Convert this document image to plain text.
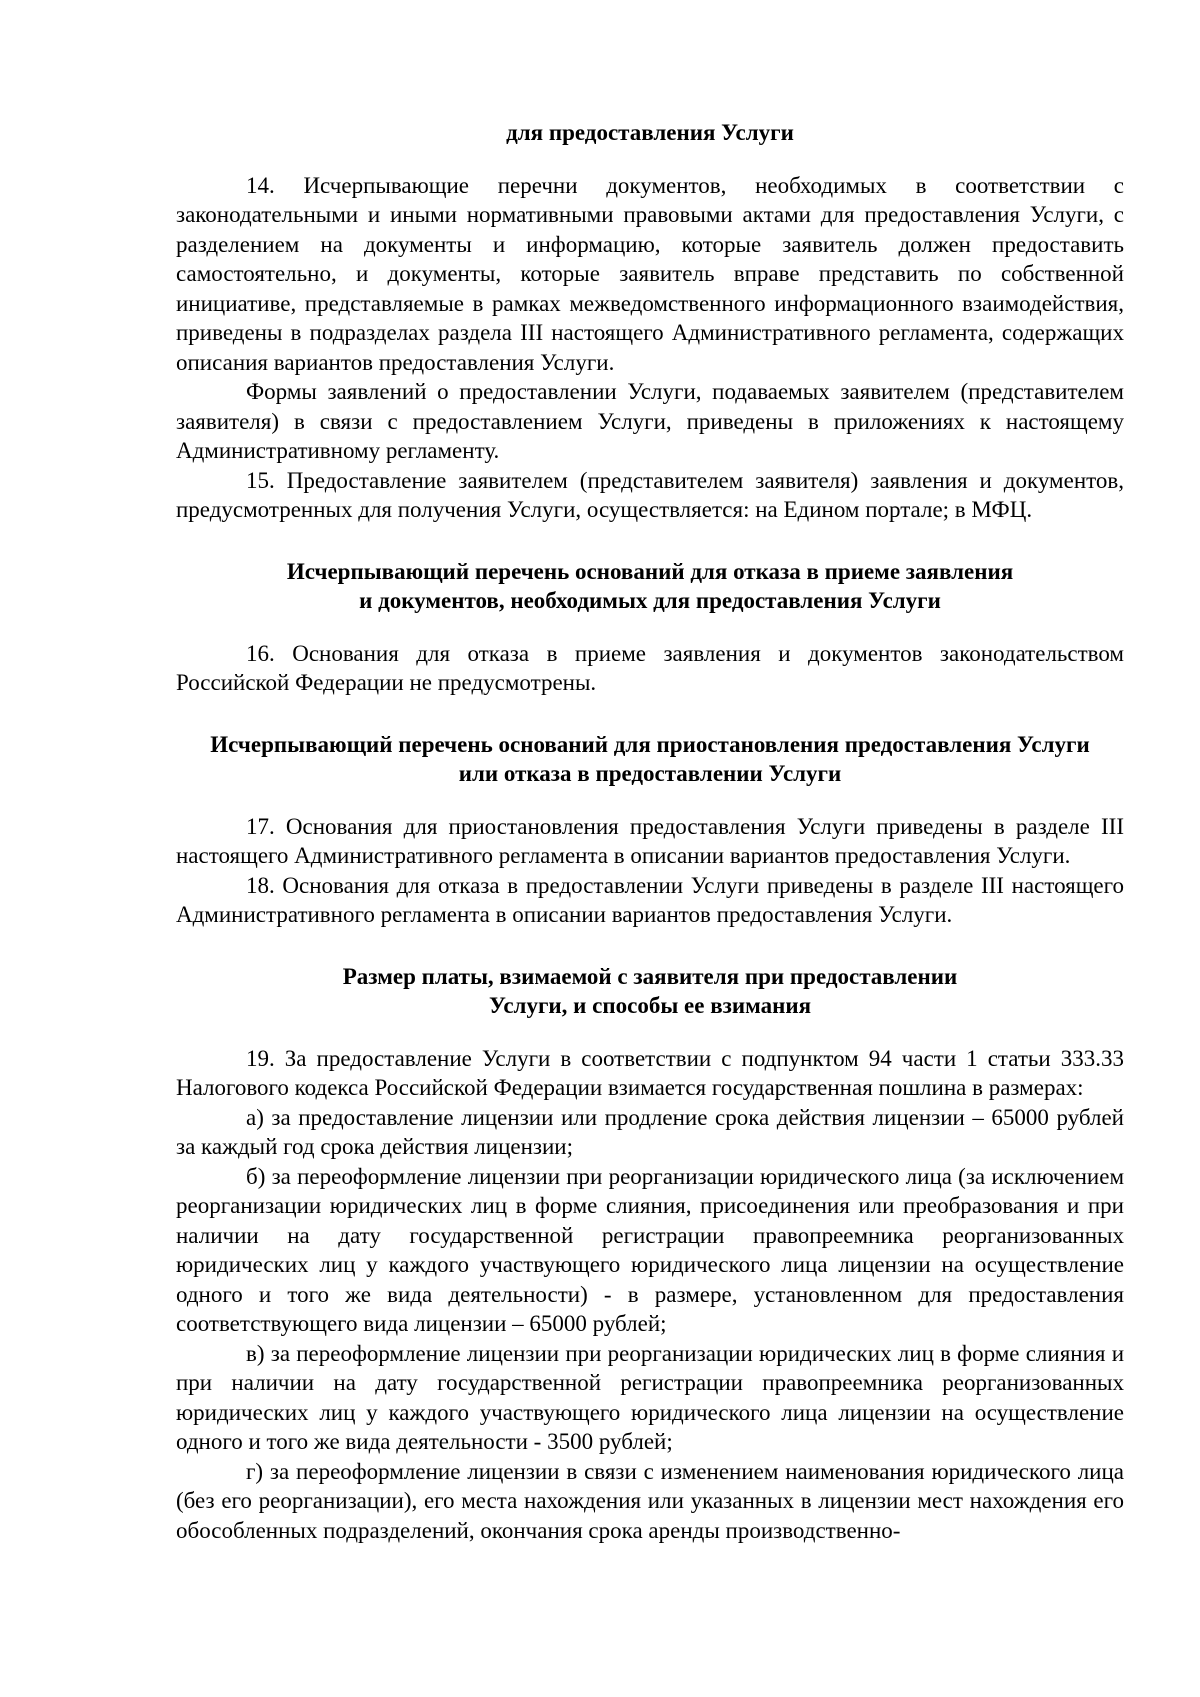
для предоставления Услуги

14. Исчерпывающие перечни документов, необходимых в соответствии с законодательными и иными нормативными правовыми актами для предоставления Услуги, с разделением на документы и информацию, которые заявитель должен предоставить самостоятельно, и документы, которые заявитель вправе представить по собственной инициативе, представляемые в рамках межведомственного информационного взаимодействия, приведены в подразделах раздела III настоящего Административного регламента, содержащих описания вариантов предоставления Услуги.

Формы заявлений о предоставлении Услуги, подаваемых заявителем (представителем заявителя) в связи с предоставлением Услуги, приведены в приложениях к настоящему Административному регламенту.

15. Предоставление заявителем (представителем заявителя) заявления и документов, предусмотренных для получения Услуги, осуществляется: на Едином портале; в МФЦ.

Исчерпывающий перечень оснований для отказа в приеме заявления
и документов, необходимых для предоставления Услуги

16. Основания для отказа в приеме заявления и документов законодательством Российской Федерации не предусмотрены.

Исчерпывающий перечень оснований для приостановления предоставления Услуги
или отказа в предоставлении Услуги

17. Основания для приостановления предоставления Услуги приведены в разделе III настоящего Административного регламента в описании вариантов предоставления Услуги.

18. Основания для отказа в предоставлении Услуги приведены в разделе III настоящего Административного регламента в описании вариантов предоставления Услуги.

Размер платы, взимаемой с заявителя при предоставлении
Услуги, и способы ее взимания

19. За предоставление Услуги в соответствии с подпунктом 94 части 1 статьи 333.33 Налогового кодекса Российской Федерации взимается государственная пошлина в размерах:

а) за предоставление лицензии или продление срока действия лицензии – 65000 рублей за каждый год срока действия лицензии;

б) за переоформление лицензии при реорганизации юридического лица (за исключением реорганизации юридических лиц в форме слияния, присоединения или преобразования и при наличии на дату государственной регистрации правопреемника реорганизованных юридических лиц у каждого участвующего юридического лица лицензии на осуществление одного и того же вида деятельности) - в размере, установленном для предоставления соответствующего вида лицензии – 65000 рублей;

в) за переоформление лицензии при реорганизации юридических лиц в форме слияния и при наличии на дату государственной регистрации правопреемника реорганизованных юридических лиц у каждого участвующего юридического лица лицензии на осуществление одного и того же вида деятельности - 3500 рублей;

г) за переоформление лицензии в связи с изменением наименования юридического лица (без его реорганизации), его места нахождения или указанных в лицензии мест нахождения его обособленных подразделений, окончания срока аренды производственно-
